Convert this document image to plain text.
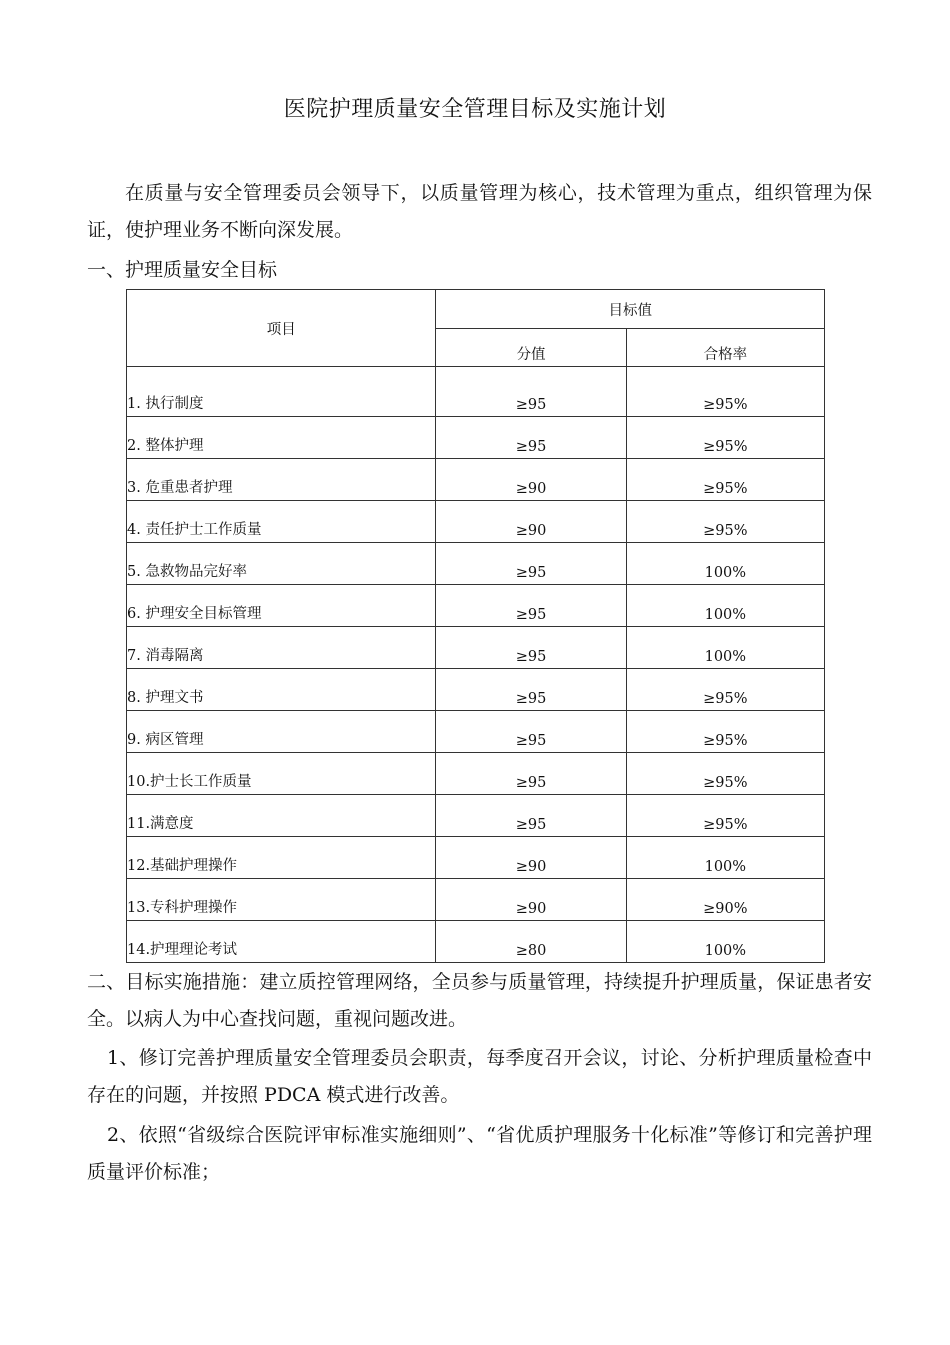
医院护理质量安全管理目标及实施计划
在质量与安全管理委员会领导下，以质量管理为核心，技术管理为重点，组织管理为保证，使护理业务不断向深发展。
一、护理质量安全目标
项目	目标值	
	分值	合格率
1. 执行制度	≥95	≥95%
2. 整体护理	≥95	≥95%
3. 危重患者护理	≥90	≥95%
4. 责任护士工作质量	≥90	≥95%
5. 急救物品完好率	≥95	100%
6. 护理安全目标管理	≥95	100%
7. 消毒隔离	≥95	100%
8. 护理文书	≥95	≥95%
9. 病区管理	≥95	≥95%
10.护士长工作质量	≥95	≥95%
11.满意度	≥95	≥95%
12.基础护理操作	≥90	100%
13.专科护理操作	≥90	≥90%
14.护理理论考试	≥80	100%
二、目标实施措施：建立质控管理网络，全员参与质量管理，持续提升护理质量，保证患者安全。以病人为中心查找问题，重视问题改进。
1、修订完善护理质量安全管理委员会职责，每季度召开会议，讨论、分析护理质量检查中存在的问题，并按照 PDCA 模式进行改善。
2、依照“省级综合医院评审标准实施细则”、“省优质护理服务十化标准”等修订和完善护理质量评价标准；
